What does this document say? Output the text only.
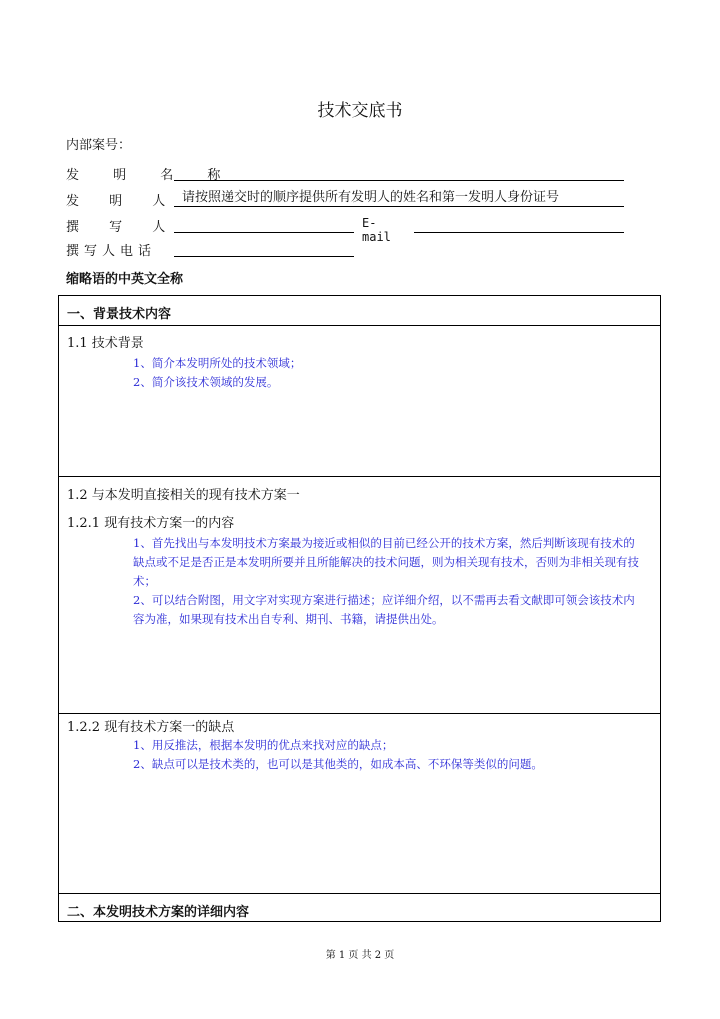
技术交底书
内部案号：
发 明 名 称
发 明 人	请按照递交时的顺序提供所有发明人的姓名和第一发明人身份证号
撰 写 人	E-mail
撰写人电话
缩略语的中英文全称
一、背景技术内容
1.1 技术背景

1、简介本发明所处的技术领域；

2、简介该技术领域的发展。

1.2 与本发明直接相关的现有技术方案一
1.2.1 现有技术方案一的内容

1、首先找出与本发明技术方案最为接近或相似的目前已经公开的技术方案，然后判断该现有技术的缺点或不足是否正是本发明所要并且所能解决的技术问题，则为相关现有技术，否则为非相关现有技术；

2、可以结合附图，用文字对实现方案进行描述；应详细介绍，以不需再去看文献即可领会该技术内容为准，如果现有技术出自专利、期刊、书籍，请提供出处。

1.2.2 现有技术方案一的缺点

1、用反推法，根据本发明的优点来找对应的缺点；

2、缺点可以是技术类的，也可以是其他类的，如成本高、不环保等类似的问题。

二、本发明技术方案的详细内容
第 1 页 共 2 页
